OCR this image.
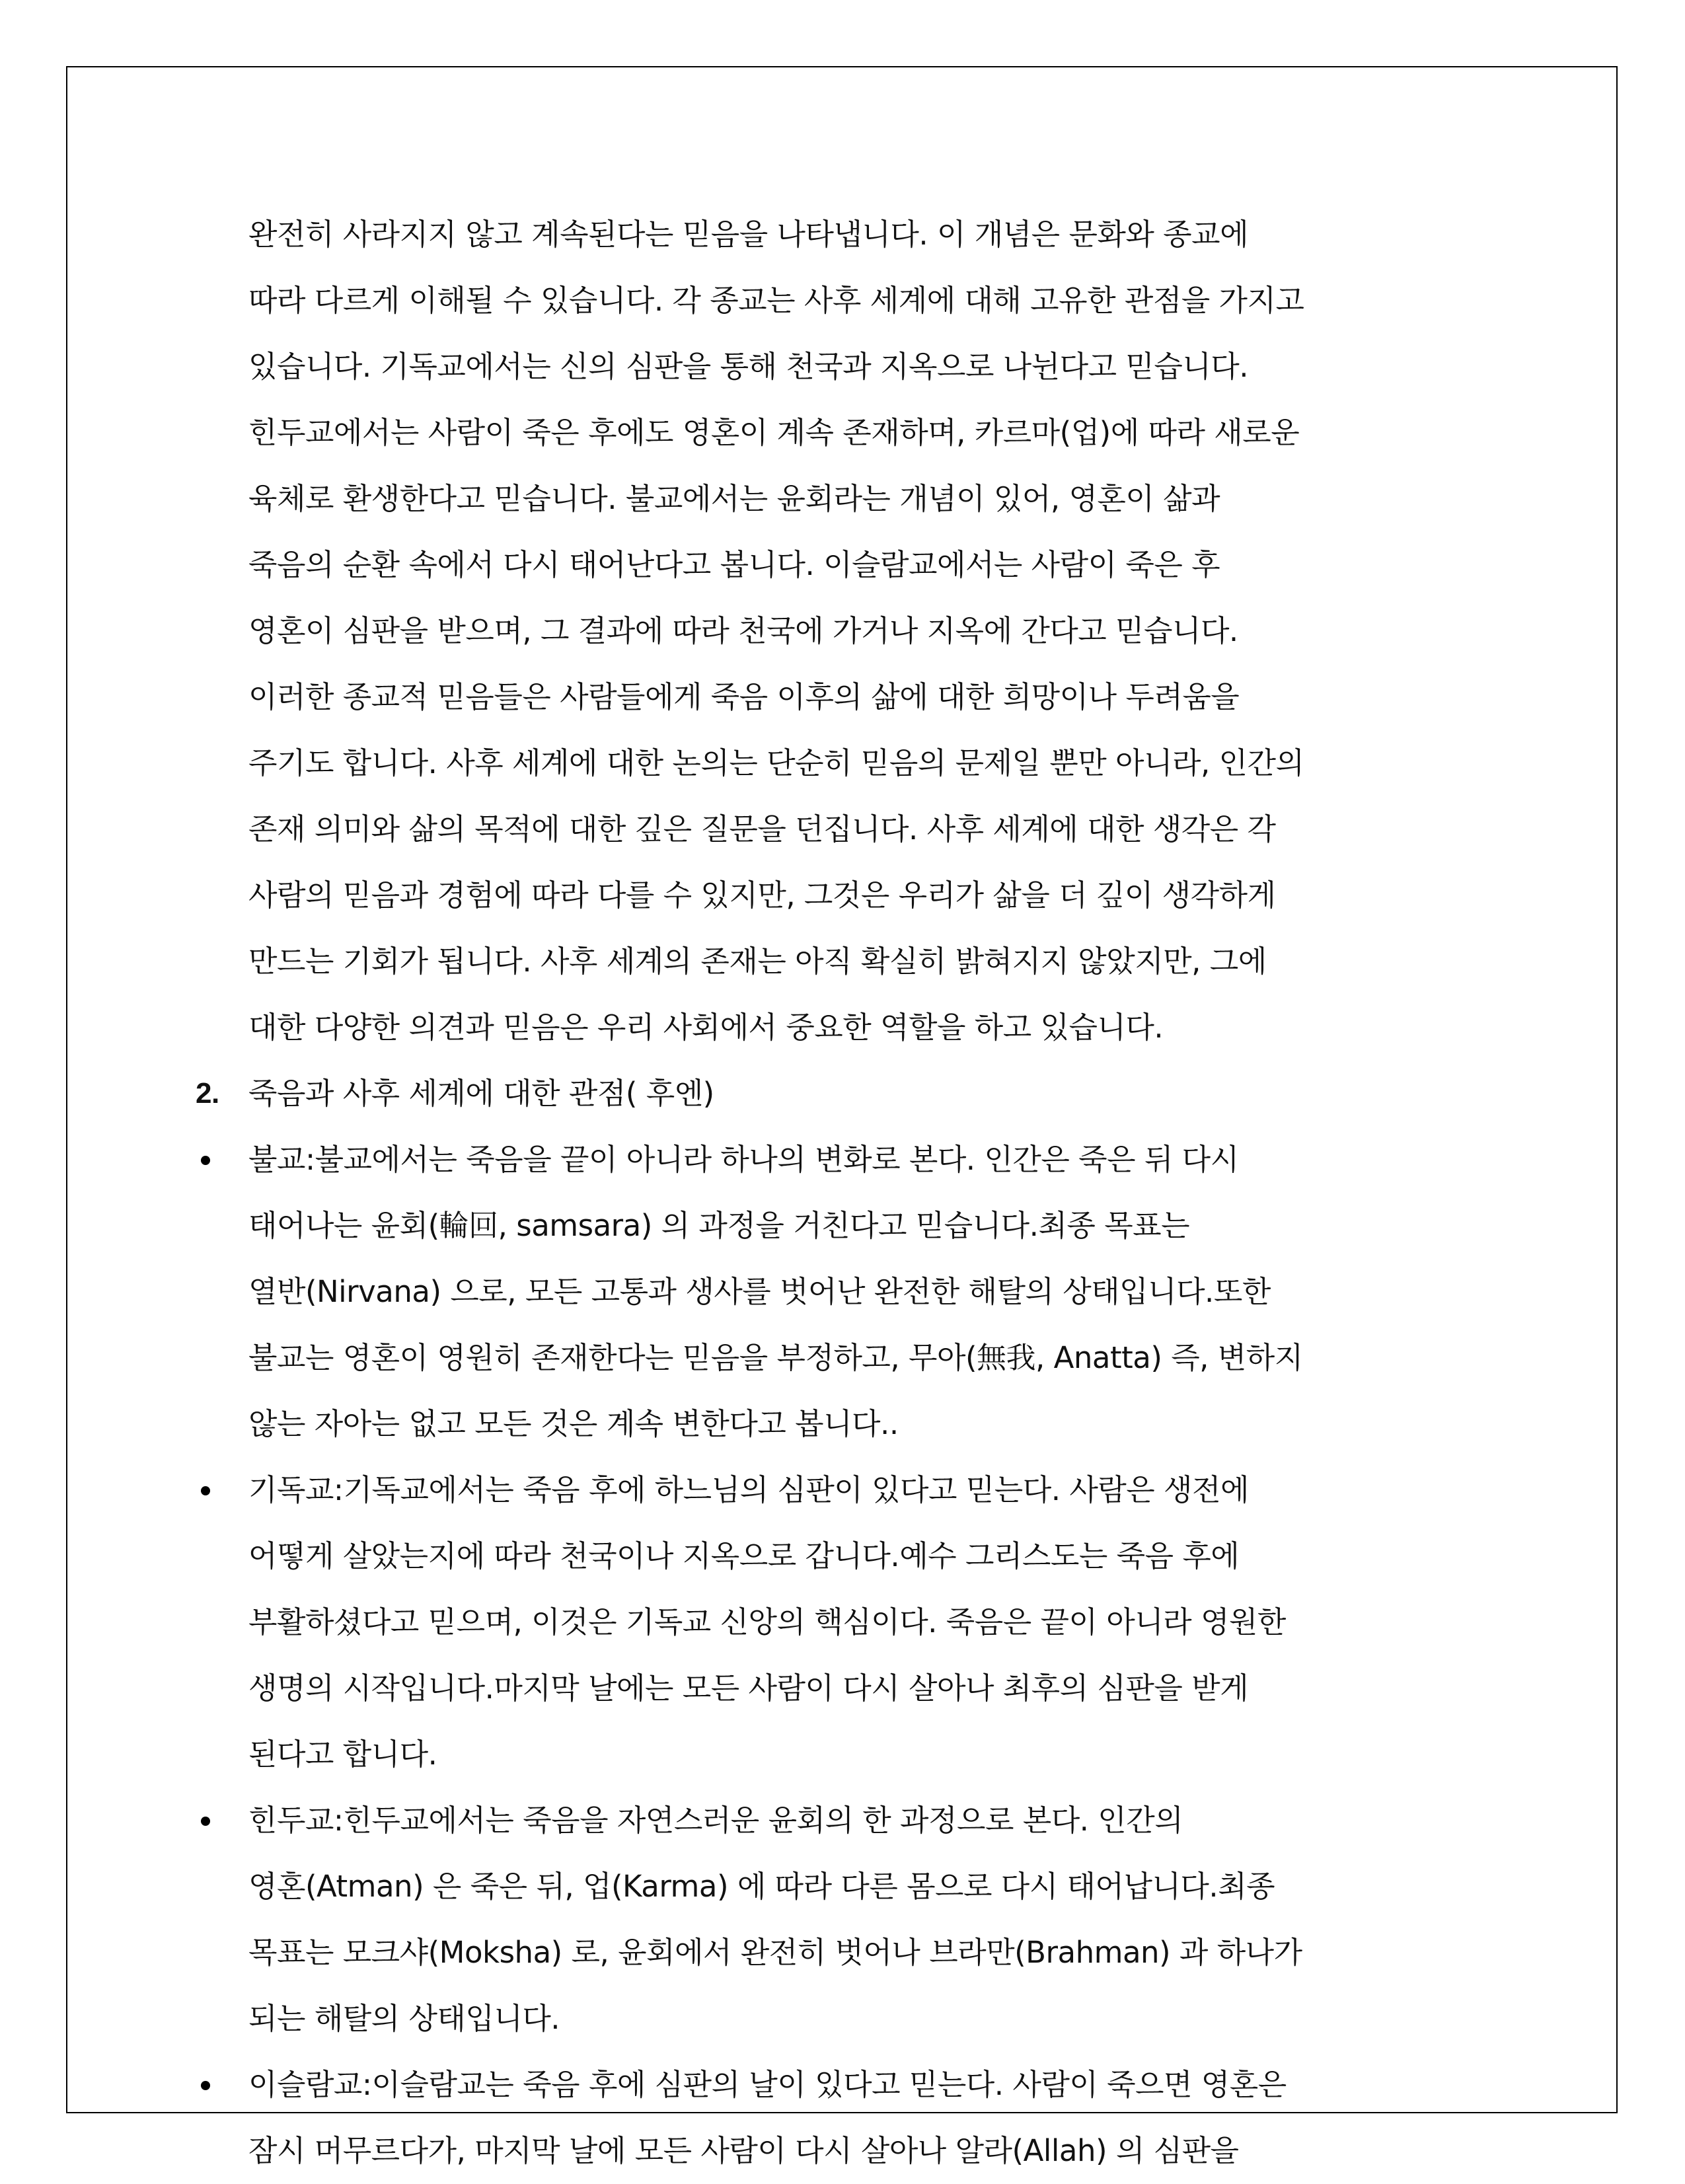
완전히 사라지지 않고 계속된다는 믿음을 나타냅니다. 이 개념은 문화와 종교에
따라 다르게 이해될 수 있습니다. 각 종교는 사후 세계에 대해 고유한 관점을 가지고
있습니다. 기독교에서는 신의 심판을 통해 천국과 지옥으로 나뉜다고 믿습니다.
힌두교에서는 사람이 죽은 후에도 영혼이 계속 존재하며, 카르마(업)에 따라 새로운
육체로 환생한다고 믿습니다. 불교에서는 윤회라는 개념이 있어, 영혼이 삶과
죽음의 순환 속에서 다시 태어난다고 봅니다. 이슬람교에서는 사람이 죽은 후
영혼이 심판을 받으며, 그 결과에 따라 천국에 가거나 지옥에 간다고 믿습니다.
이러한 종교적 믿음들은 사람들에게 죽음 이후의 삶에 대한 희망이나 두려움을
주기도 합니다. 사후 세계에 대한 논의는 단순히 믿음의 문제일 뿐만 아니라, 인간의
존재 의미와 삶의 목적에 대한 깊은 질문을 던집니다. 사후 세계에 대한 생각은 각
사람의 믿음과 경험에 따라 다를 수 있지만, 그것은 우리가 삶을 더 깊이 생각하게
만드는 기회가 됩니다. 사후 세계의 존재는 아직 확실히 밝혀지지 않았지만, 그에
대한 다양한 의견과 믿음은 우리 사회에서 중요한 역할을 하고 있습니다.
2. 죽음과 사후 세계에 대한 관점( 후엔)
불교:불교에서는 죽음을 끝이 아니라 하나의 변화로 본다. 인간은 죽은 뒤 다시
태어나는 윤회(輪回, samsara) 의 과정을 거친다고 믿습니다.최종 목표는
열반(Nirvana) 으로, 모든 고통과 생사를 벗어난 완전한 해탈의 상태입니다.또한
불교는 영혼이 영원히 존재한다는 믿음을 부정하고, 무아(無我, Anatta) 즉, 변하지
않는 자아는 없고 모든 것은 계속 변한다고 봅니다..
기독교:기독교에서는 죽음 후에 하느님의 심판이 있다고 믿는다. 사람은 생전에
어떻게 살았는지에 따라 천국이나 지옥으로 갑니다.예수 그리스도는 죽음 후에
부활하셨다고 믿으며, 이것은 기독교 신앙의 핵심이다. 죽음은 끝이 아니라 영원한
생명의 시작입니다.마지막 날에는 모든 사람이 다시 살아나 최후의 심판을 받게
된다고 합니다.
힌두교:힌두교에서는 죽음을 자연스러운 윤회의 한 과정으로 본다. 인간의
영혼(Atman) 은 죽은 뒤, 업(Karma) 에 따라 다른 몸으로 다시 태어납니다.최종
목표는 모크샤(Moksha) 로, 윤회에서 완전히 벗어나 브라만(Brahman) 과 하나가
되는 해탈의 상태입니다.
이슬람교:이슬람교는 죽음 후에 심판의 날이 있다고 믿는다. 사람이 죽으면 영혼은
잠시 머무르다가, 마지막 날에 모든 사람이 다시 살아나 알라(Allah) 의 심판을
